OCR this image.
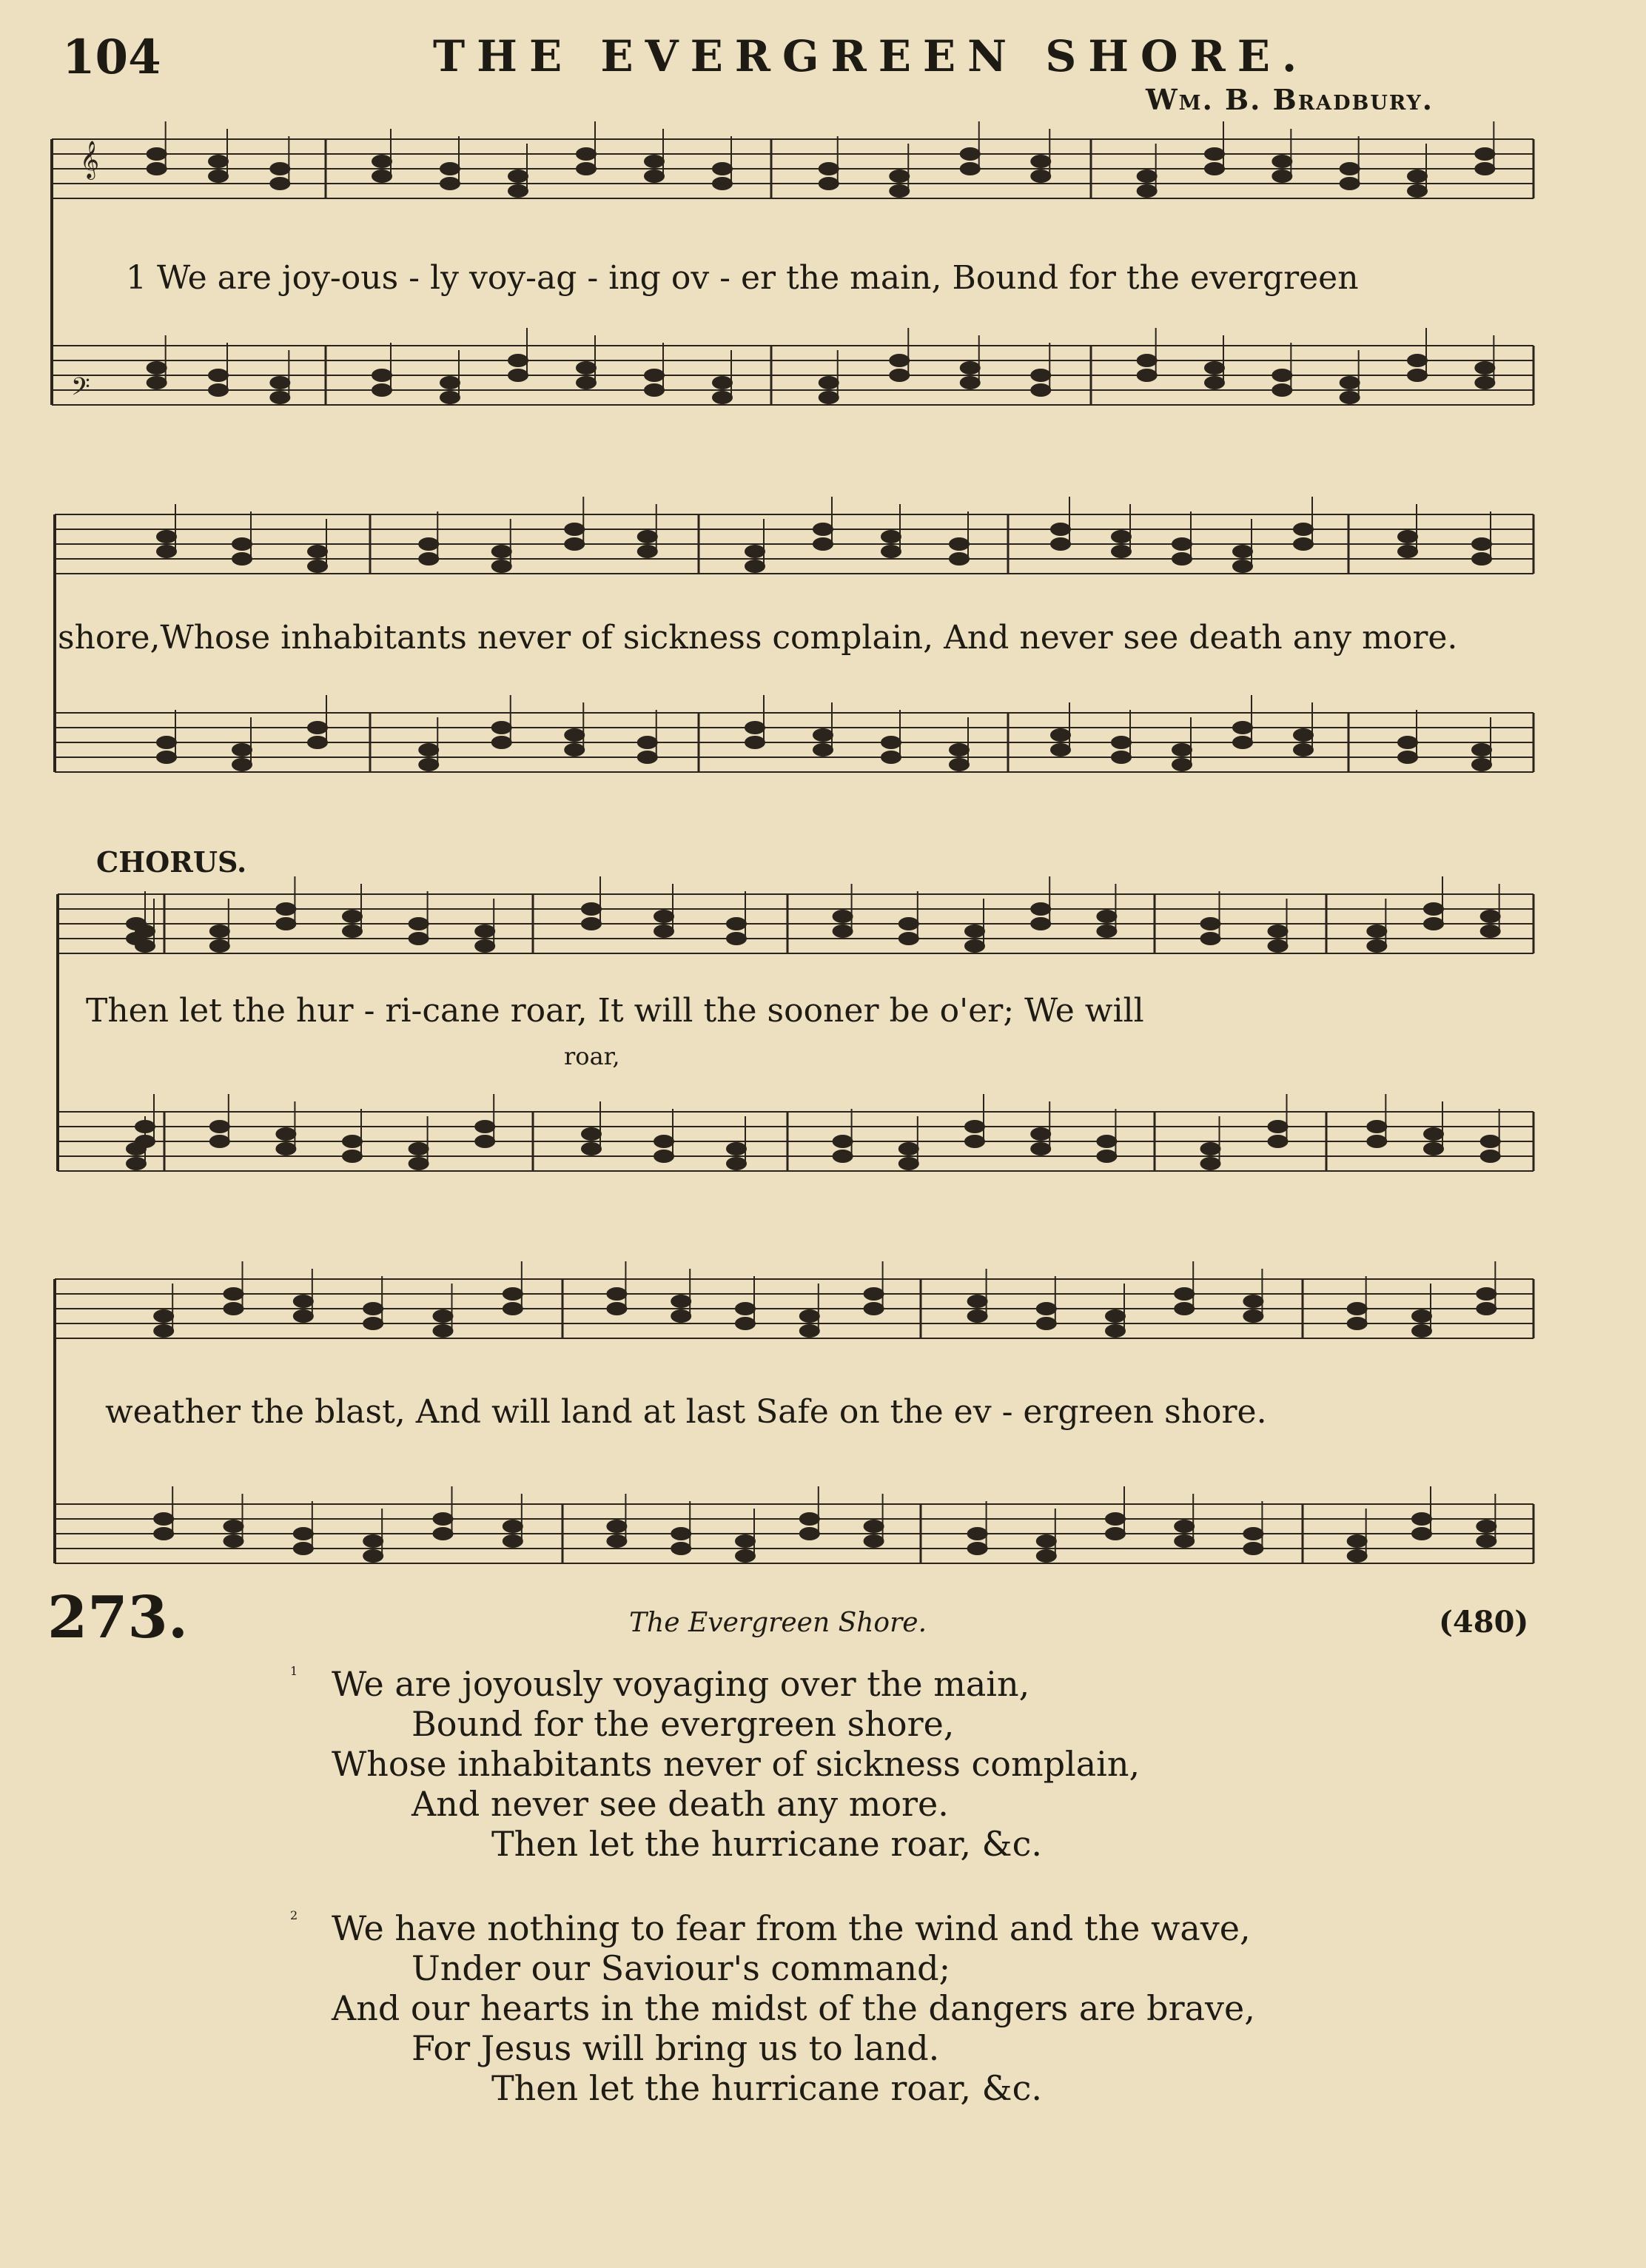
104	THE EVERGREEN SHORE.
Wm. B. Bradbury.
𝄞
𝄢
1 We are joy-ous - ly voy-ag - ing ov - er the main, Bound for the evergreen
shore,Whose inhabitants never of sickness complain, And never see death any more.
CHORUS.
Then let the hur - ri-cane roar, It will the sooner be o'er; We will
roar,
weather the blast, And will land at last Safe on the ev - ergreen shore.
273.	The Evergreen Shore.	(480)
1 We are joyously voyaging over the main,
Bound for the evergreen shore,
Whose inhabitants never of sickness complain,
And never see death any more.
Then let the hurricane roar, &c.
2 We have nothing to fear from the wind and the wave,
Under our Saviour's command;
And our hearts in the midst of the dangers are brave,
For Jesus will bring us to land.
Then let the hurricane roar, &c.
